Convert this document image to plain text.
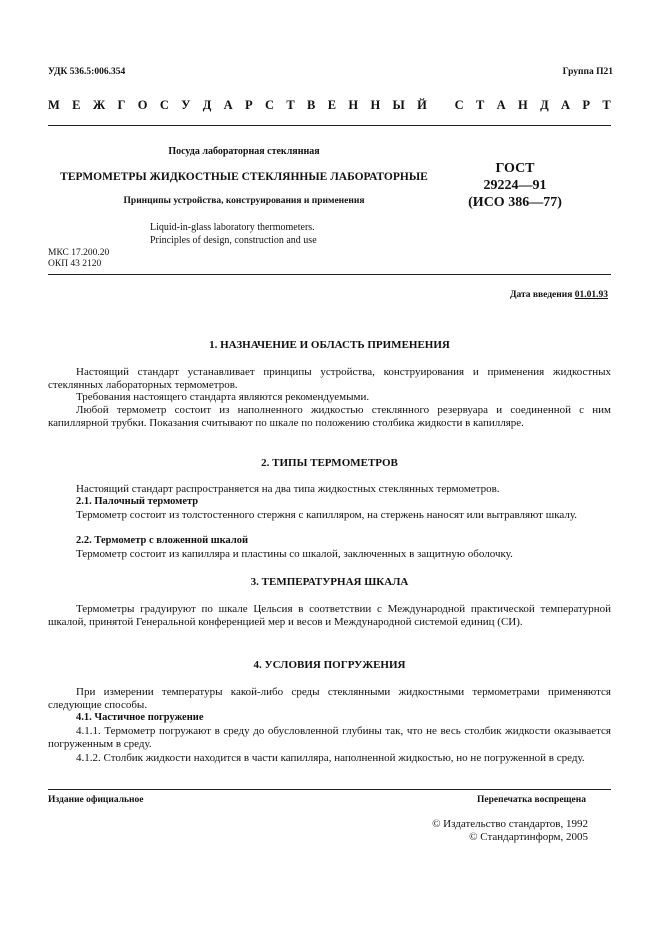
УДК 536.5:006.354	Группа П21
М Е Ж Г О С У Д А Р С Т В Е Н Н Ы Й
С Т А Н Д А Р Т
Посуда лабораторная стеклянная
ТЕРМОМЕТРЫ ЖИДКОСТНЫЕ СТЕКЛЯННЫЕ ЛАБОРАТОРНЫЕ
Принципы устройства, конструирования и применения
Liquid-in-glass laboratory thermometers.
Principles of design, construction and use
ГОСТ
29224—91
(ИСО 386—77)
МКС 17.200.20
ОКП 43 2120
Дата введения 01.01.93
1. НАЗНАЧЕНИЕ И ОБЛАСТЬ ПРИМЕНЕНИЯ
Настоящий стандарт устанавливает принципы устройства, конструирования и применения жидкостных стеклянных лабораторных термометров.
Требования настоящего стандарта являются рекомендуемыми.
Любой термометр состоит из наполненного жидкостью стеклянного резервуара и соединенной с ним капиллярной трубки. Показания считывают по шкале по положению столбика жидкости в капилляре.
2. ТИПЫ ТЕРМОМЕТРОВ
Настоящий стандарт распространяется на два типа жидкостных стеклянных термометров.
2.1. Палочный термометр
Термометр состоит из толстостенного стержня с капилляром, на стержень наносят или вытравляют шкалу.
2.2. Термометр с вложенной шкалой
Термометр состоит из капилляра и пластины со шкалой, заключенных в защитную оболочку.
3. ТЕМПЕРАТУРНАЯ ШКАЛА
Термометры градуируют по шкале Цельсия в соответствии с Международной практической температурной шкалой, принятой Генеральной конференцией мер и весов и Международной системой единиц (СИ).
4. УСЛОВИЯ ПОГРУЖЕНИЯ
При измерении температуры какой-либо среды стеклянными жидкостными термометрами применяются следующие способы.
4.1. Частичное погружение
4.1.1. Термометр погружают в среду до обусловленной глубины так, что не весь столбик жидкости оказывается погруженным в среду.
4.1.2. Столбик жидкости находится в части капилляра, наполненной жидкостью, но не погруженной в среду.
Издание официальное	Перепечатка воспрещена
© Издательство стандартов, 1992
© Стандартинформ, 2005
